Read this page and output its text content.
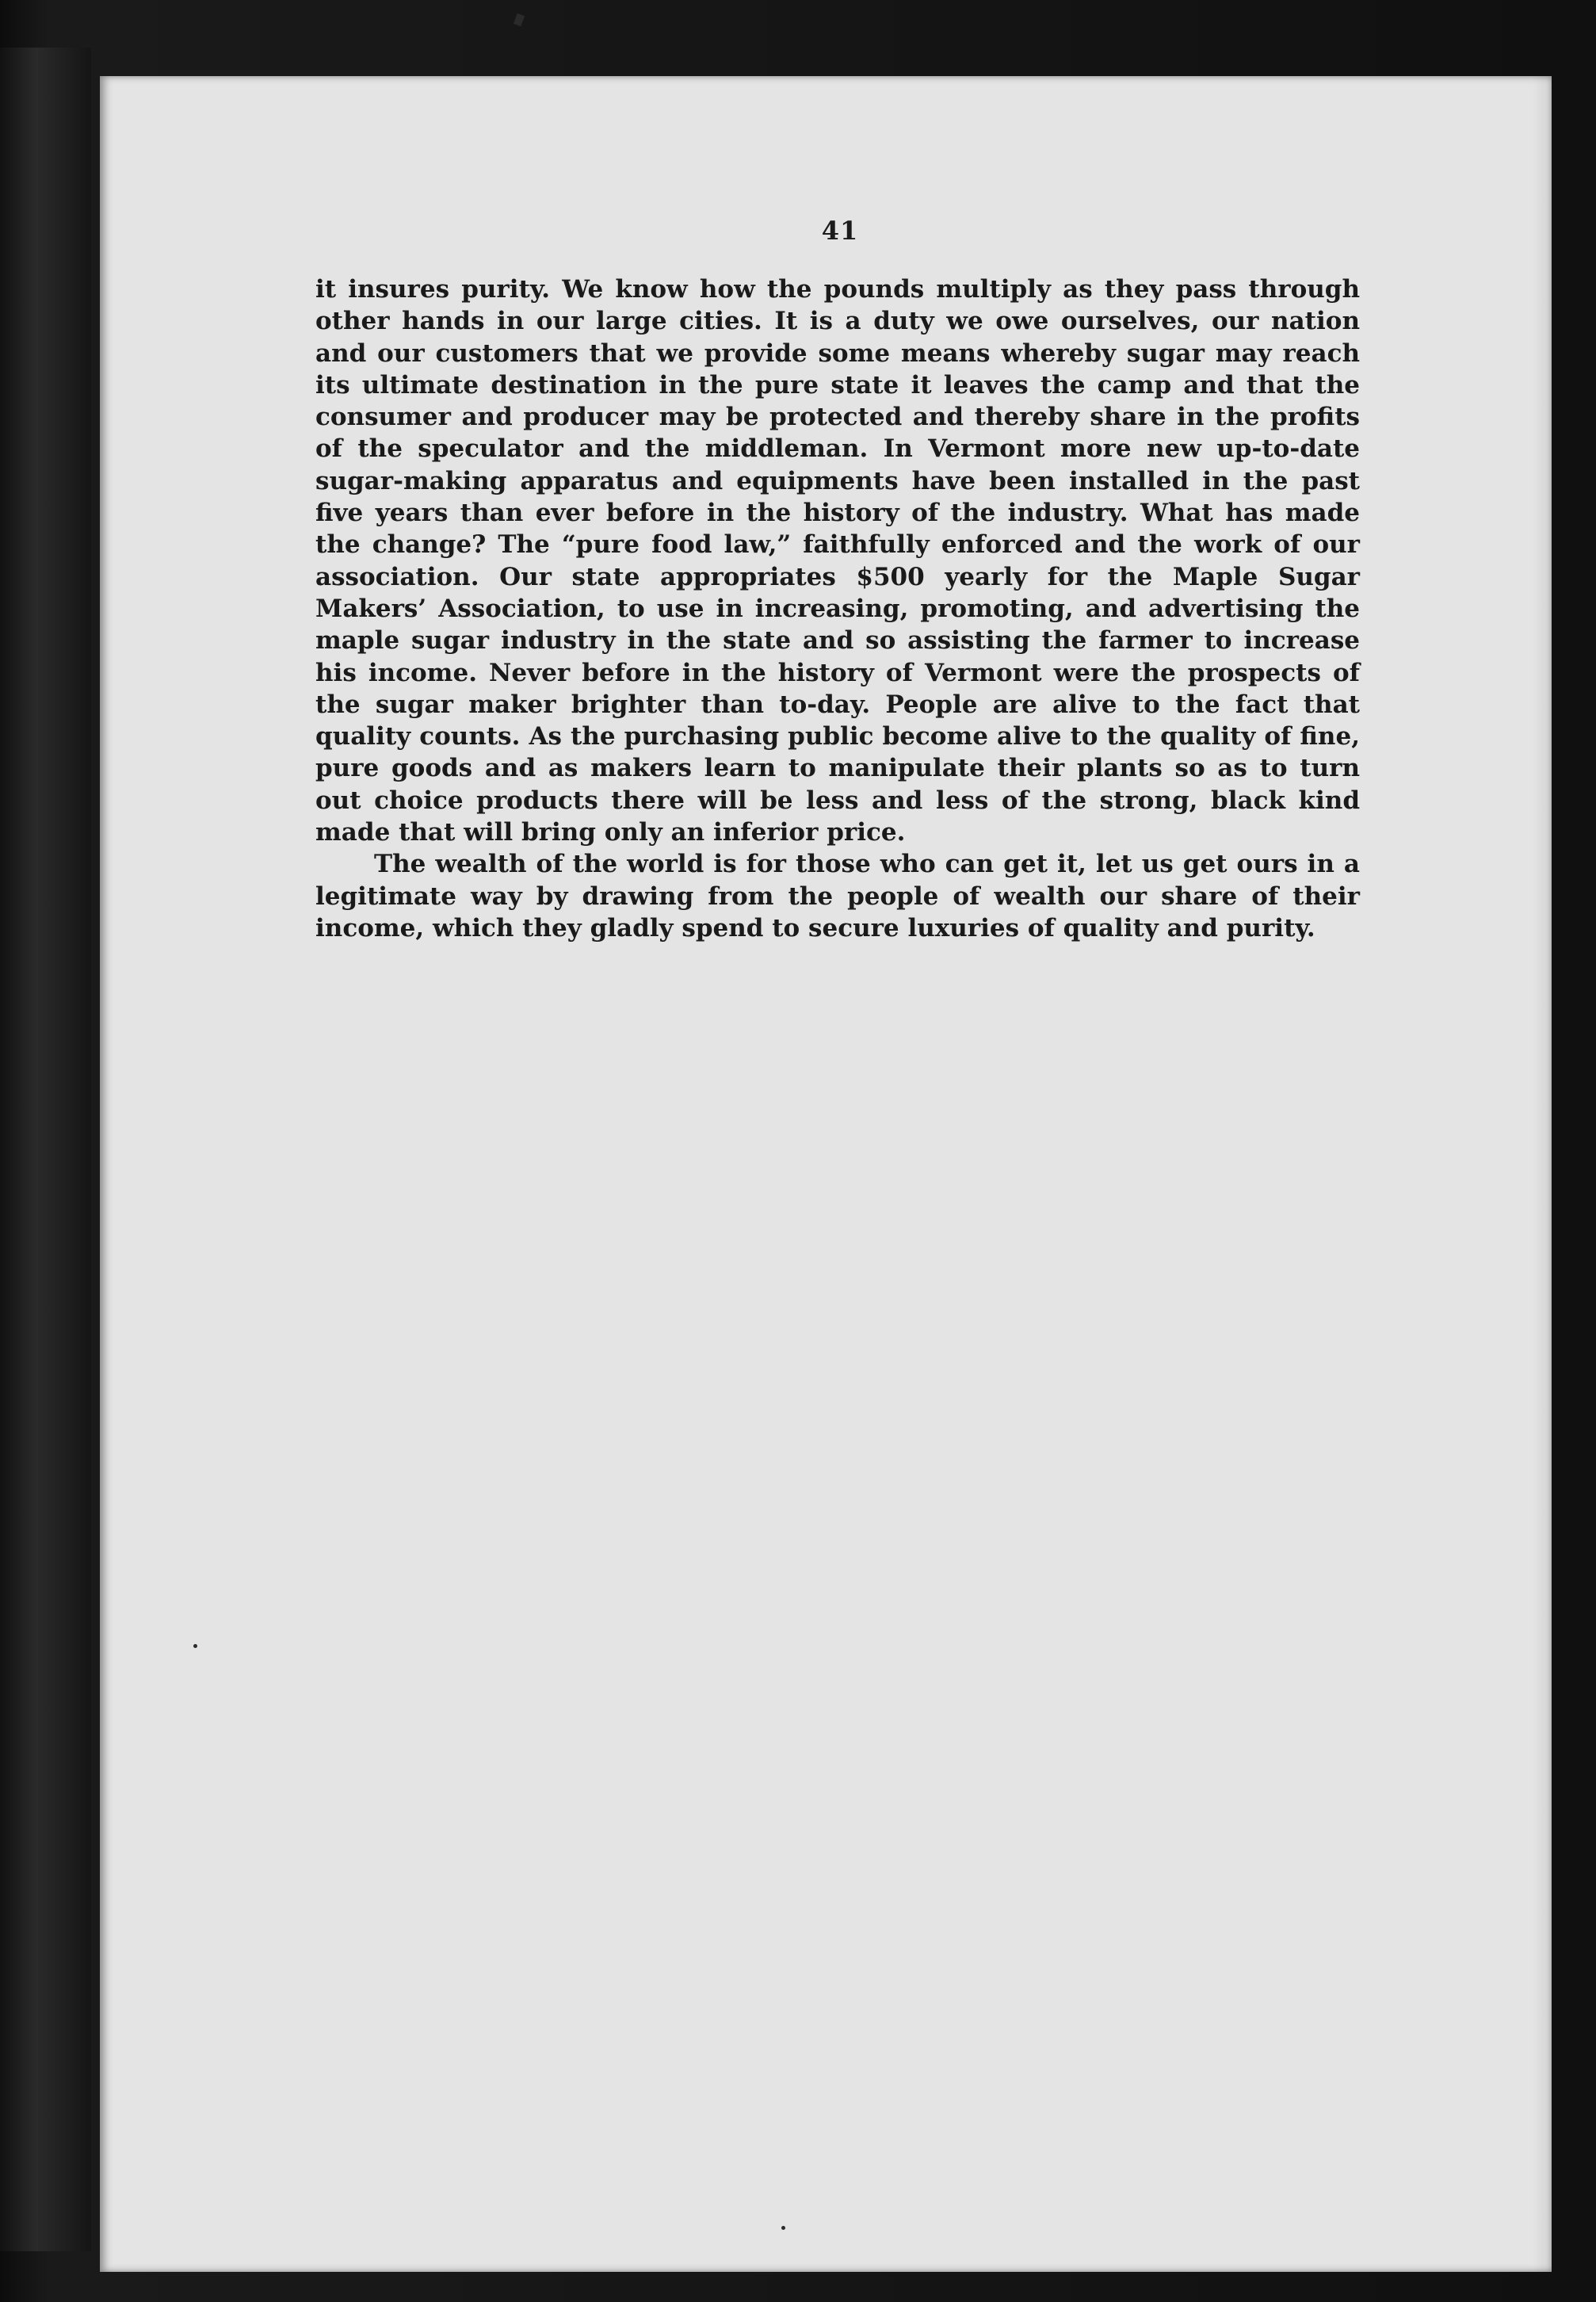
41

it insures purity. We know how the pounds multiply as they pass through other hands in our large cities. It is a duty we owe ourselves, our nation and our customers that we provide some means whereby sugar may reach its ultimate destination in the pure state it leaves the camp and that the consumer and producer may be protected and thereby share in the profits of the speculator and the middleman. In Vermont more new up-to-date sugar-making apparatus and equipments have been installed in the past five years than ever before in the history of the industry. What has made the change? The “pure food law,” faithfully enforced and the work of our association. Our state appropriates $500 yearly for the Maple Sugar Makers’ Association, to use in increasing, promoting, and advertising the maple sugar industry in the state and so assisting the farmer to increase his income. Never before in the history of Vermont were the prospects of the sugar maker brighter than to-day. People are alive to the fact that quality counts. As the purchasing public become alive to the quality of fine, pure goods and as makers learn to manipulate their plants so as to turn out choice products there will be less and less of the strong, black kind made that will bring only an inferior price.

The wealth of the world is for those who can get it, let us get ours in a legitimate way by drawing from the people of wealth our share of their income, which they gladly spend to secure luxuries of quality and purity.
